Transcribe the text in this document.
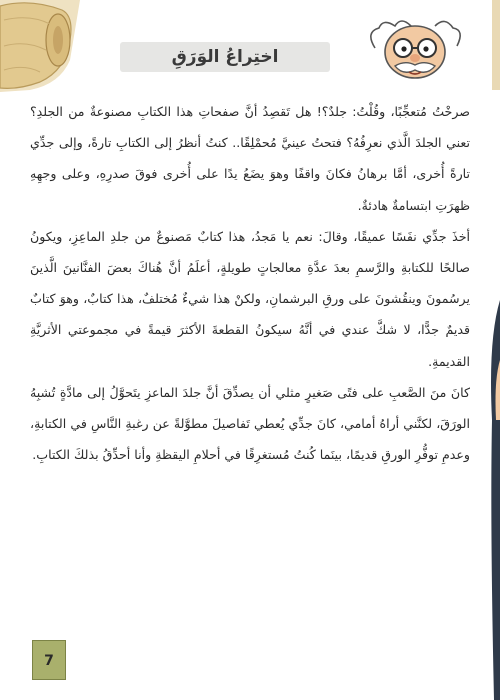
اختِراعُ الوَرَقِ

صرخْتُ مُتعجِّبًا، وقُلْتُ: جلدٌ؟! هل تَقصِدُ أنَّ صفحاتِ هذا الكتابِ مصنوعةٌ من الجلدِ؟ تعني الجلدَ الَّذي نعرِفُهُ؟ فتحتُ عينيَّ مُحمْلِقًا.. كنتُ أنظرُ إلى الكتابِ تارةً، وإلى جدِّي تارةً أُخرى، أمَّا برهانُ فكانَ واقفًا وهوَ يضَعُ يدًا على أُخرى فوقَ صدرِهِ، وعلى وجهِهِ ظهرَتِ ابتسامةٌ هادئةٌ.

أخذَ جدِّي نفَسًا عميقًا، وقالَ: نعم يا مَجدُ، هذا كتابٌ مَصنوعٌ من جلدِ الماعِزِ، ويكونُ صالحًا للكتابةِ والرَّسمِ بعدَ عدَّةِ معالجاتٍ طويلةٍ، أعلَمُ أنَّ هُناكَ بعضَ الفنَّانينَ الَّذينَ يرسُمونَ وينقُشونَ على ورقِ البرشمانِ، ولكنْ هذا شيءٌ مُختلفٌ، هذا كتابٌ، وهوَ كتابٌ قديمٌ جدًّا، لا شكَّ عندي في أنَّهُ سيكونُ القطعةَ الأكثرَ قيمةً في مجموعتي الأثريَّةِ القديمةِ.

كانَ منَ الصَّعبِ على فتًى صَغيرٍ مثلي أن يصدِّقَ أنَّ جلدَ الماعزِ يتَحوَّلُ إلى مادَّةٍ تُشبِهُ الورَقَ، لكنَّني أراهُ أمامي، كانَ جدِّي يُعطي تَفاصيلَ مطوَّلةً عن رغبةِ النَّاسِ في الكتابةِ، وعدمِ توفُّرِ الورقِ قديمًا، بينَما كُنتُ مُستغرِقًا في أحلامِ اليقظةِ وأنا أحدِّقُ بذلكَ الكتابِ.

7
